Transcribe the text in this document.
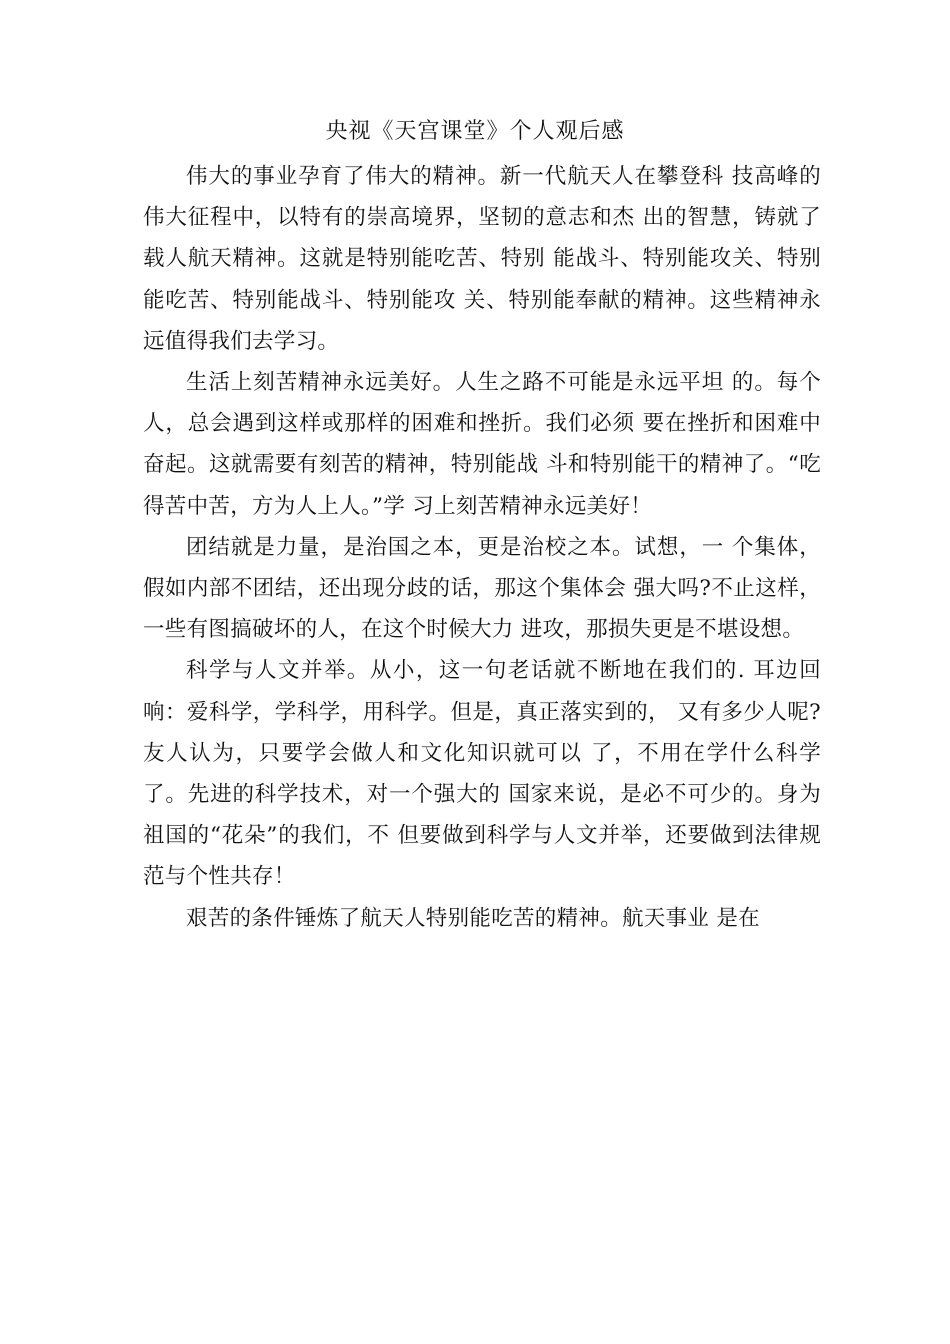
央视《天宫课堂》个人观后感

伟大的事业孕育了伟大的精神。新一代航天人在攀登科 技高峰的伟大征程中，以特有的崇高境界，坚韧的意志和杰 出的智慧，铸就了载人航天精神。这就是特别能吃苦、特别 能战斗、特别能攻关、特别能吃苦、特别能战斗、特别能攻 关、特别能奉献的精神。这些精神永远值得我们去学习。

生活上刻苦精神永远美好。人生之路不可能是永远平坦 的。每个人，总会遇到这样或那样的困难和挫折。我们必须 要在挫折和困难中奋起。这就需要有刻苦的精神，特别能战 斗和特别能干的精神了。“吃得苦中苦，方为人上人。”学 习上刻苦精神永远美好！

团结就是力量，是治国之本，更是治校之本。试想，一 个集体，假如内部不团结，还出现分歧的话，那这个集体会 强大吗?不止这样，一些有图搞破坏的人，在这个时候大力 进攻，那损失更是不堪设想。

科学与人文并举。从小，这一句老话就不断地在我们的. 耳边回响：爱科学，学科学，用科学。但是，真正落实到的， 又有多少人呢?友人认为，只要学会做人和文化知识就可以 了，不用在学什么科学了。先进的科学技术，对一个强大的 国家来说，是必不可少的。身为祖国的“花朵”的我们，不 但要做到科学与人文并举，还要做到法律规范与个性共存！

艰苦的条件锤炼了航天人特别能吃苦的精神。航天事业 是在
